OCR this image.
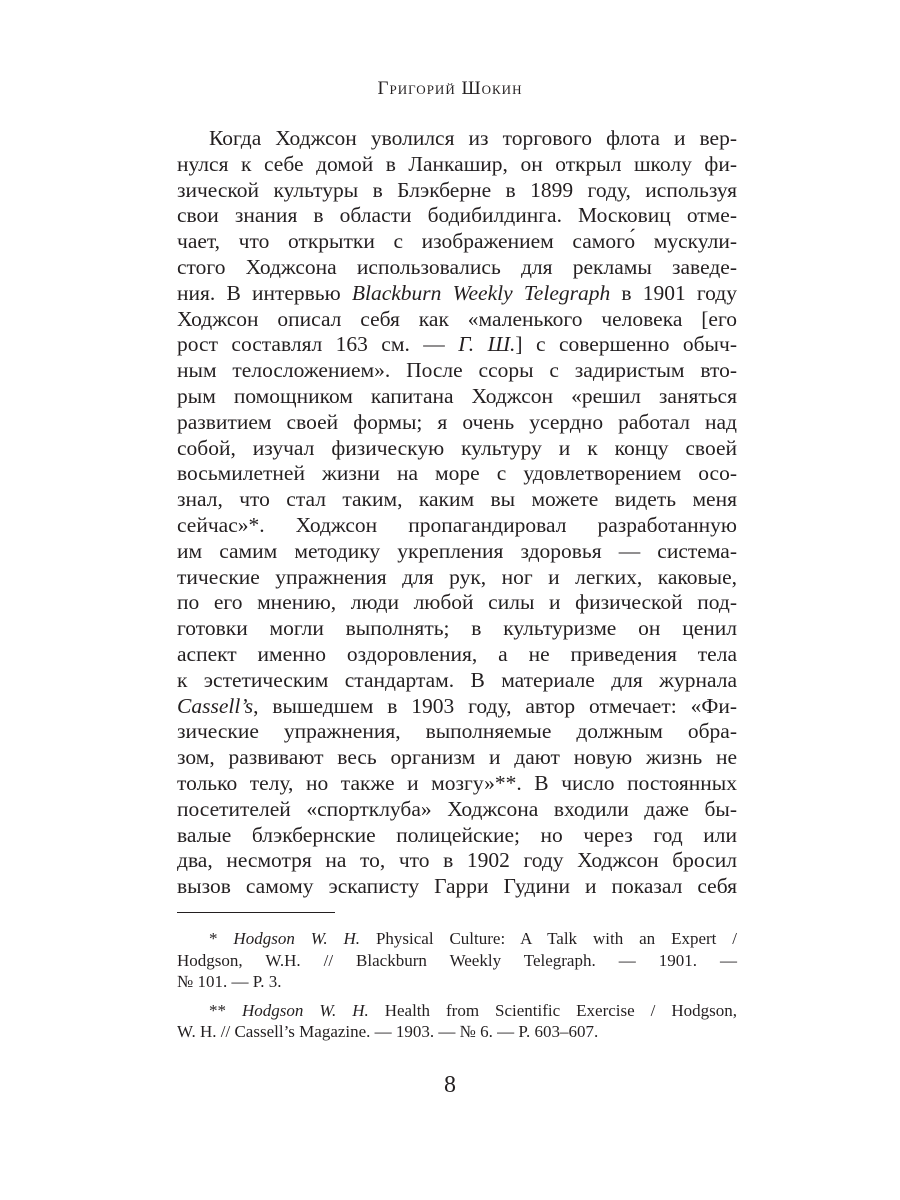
Григорий Шокин
Когда Ходжсон уволился из торгового флота и вер-
нулся к себе домой в Ланкашир, он открыл школу фи-
зической культуры в Блэкберне в 1899 году, используя
свои знания в области бодибилдинга. Московиц отме-
чает, что открытки с изображением самого́ мускули-
стого Ходжсона использовались для рекламы заведе-
ния. В интервью Blackburn Weekly Telegraph в 1901 году
Ходжсон описал себя как «маленького человека [его
рост составлял 163 см. — Г. Ш.] с совершенно обыч-
ным телосложением». После ссоры с задиристым вто-
рым помощником капитана Ходжсон «решил заняться
развитием своей формы; я очень усердно работал над
собой, изучал физическую культуру и к концу своей
восьмилетней жизни на море с удовлетворением осо-
знал, что стал таким, каким вы можете видеть меня
сейчас»*. Ходжсон пропагандировал разработанную
им самим методику укрепления здоровья — система-
тические упражнения для рук, ног и легких, каковые,
по его мнению, люди любой силы и физической под-
готовки могли выполнять; в культуризме он ценил
аспект именно оздоровления, а не приведения тела
к эстетическим стандартам. В материале для журнала
Cassell’s, вышедшем в 1903 году, автор отмечает: «Фи-
зические упражнения, выполняемые должным обра-
зом, развивают весь организм и дают новую жизнь не
только телу, но также и мозгу»**. В число постоянных
посетителей «спортклуба» Ходжсона входили даже бы-
валые блэкбернские полицейские; но через год или
два, несмотря на то, что в 1902 году Ходжсон бросил
вызов самому эскаписту Гарри Гудини и показал себя
* Hodgson W. H. Physical Culture: A Talk with an Expert /
Hodgson, W.H. // Blackburn Weekly Telegraph. — 1901. —
№ 101. — P. 3.
** Hodgson W. H. Health from Scientific Exercise / Hodgson,
W. H. // Cassell’s Magazine. — 1903. — № 6. — P. 603–607.
8
